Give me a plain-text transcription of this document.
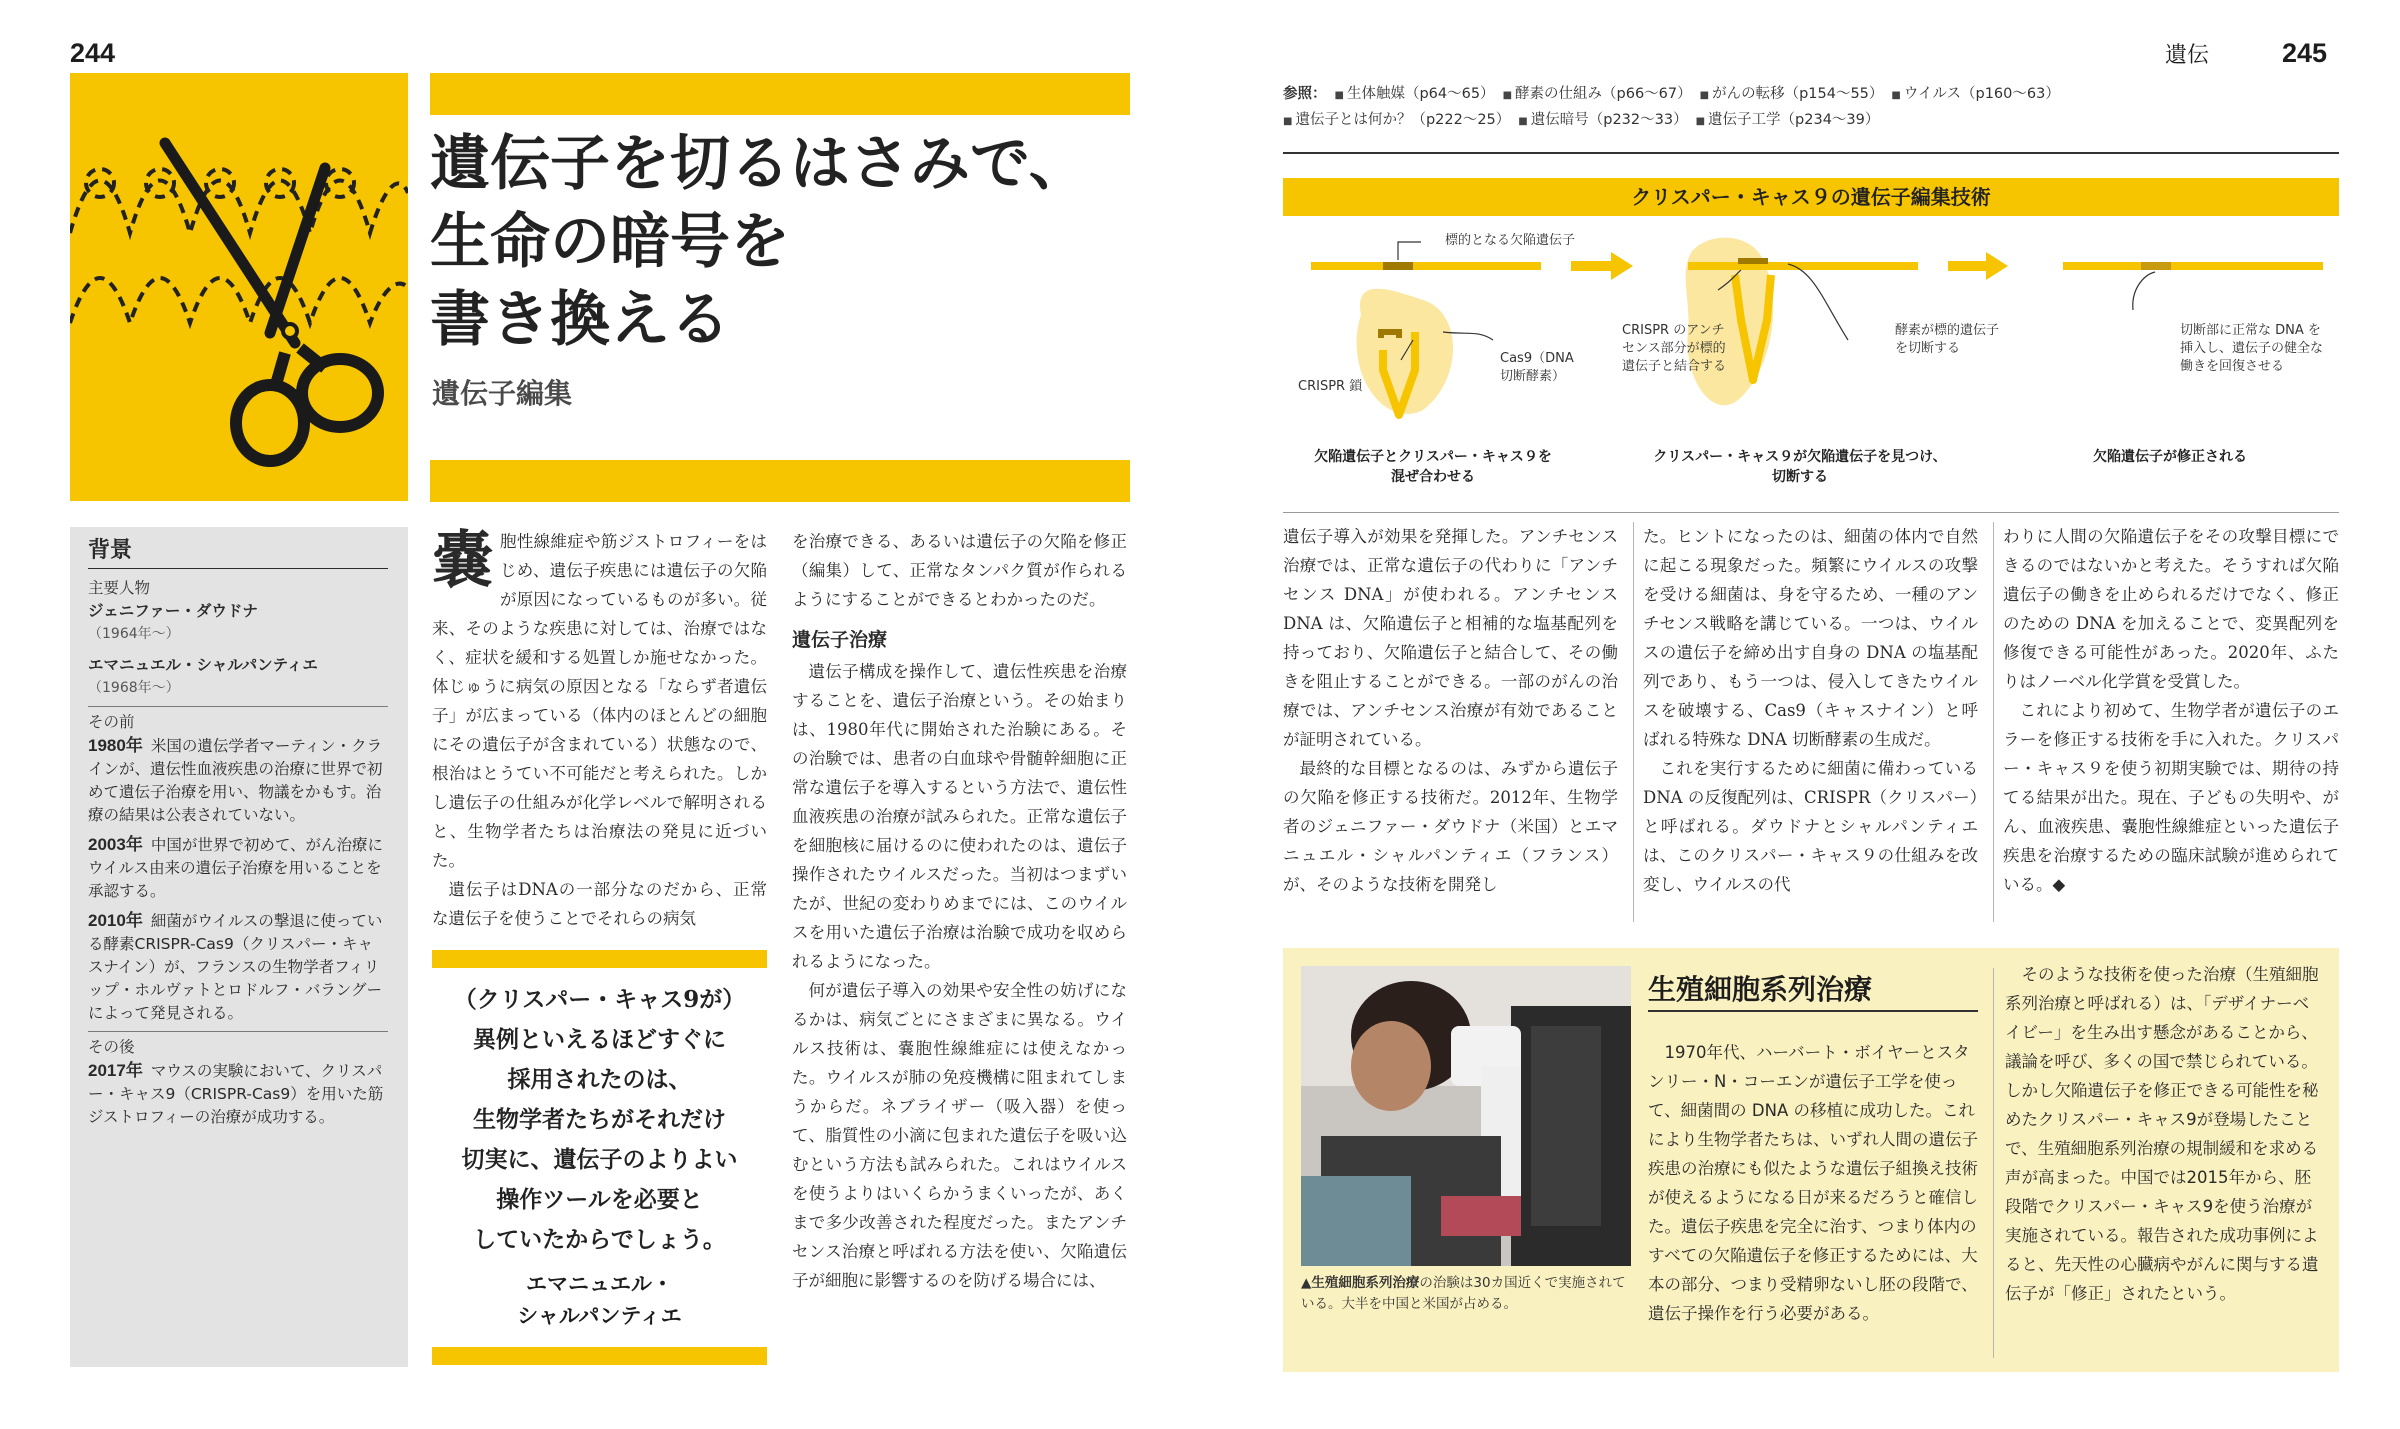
244
遺伝子を切るはさみで、
生命の暗号を
書き換える
遺伝子編集
背景
主要人物
ジェニファー・ダウドナ
（1964年〜）
エマニュエル・シャルパンティエ
（1968年〜）
その前
1980年 米国の遺伝学者マーティン・クラインが、遺伝性血液疾患の治療に世界で初めて遺伝子治療を用い、物議をかもす。治療の結果は公表されていない。
2003年 中国が世界で初めて、がん治療にウイルス由来の遺伝子治療を用いることを承認する。
2010年 細菌がウイルスの撃退に使っている酵素CRISPR-Cas9（クリスパー・キャスナイン）が、フランスの生物学者フィリップ・ホルヴァトとロドルフ・バラングーによって発見される。
その後
2017年 マウスの実験において、クリスパー・キャス9（CRISPR-Cas9）を用いた筋ジストロフィーの治療が成功する。
嚢 胞性線維症や筋ジストロフィーをはじめ、遺伝子疾患には遺伝子の欠陥が原因になっているものが多い。従来、そのような疾患に対しては、治療ではなく、症状を緩和する処置しか施せなかった。体じゅうに病気の原因となる「ならず者遺伝子」が広まっている（体内のほとんどの細胞にその遺伝子が含まれている）状態なので、根治はとうてい不可能だと考えられた。しかし遺伝子の仕組みが化学レベルで解明されると、生物学者たちは治療法の発見に近づいた。

遺伝子はDNAの一部分なのだから、正常な遺伝子を使うことでそれらの病気

（クリスパー・キャス9が）
異例といえるほどすぐに
採用されたのは、
生物学者たちがそれだけ
切実に、遺伝子のよりよい
操作ツールを必要と
していたからでしょう。
エマニュエル・
シャルパンティエ

を治療できる、あるいは遺伝子の欠陥を修正（編集）して、正常なタンパク質が作られるようにすることができるとわかったのだ。

遺伝子治療

遺伝子構成を操作して、遺伝性疾患を治療することを、遺伝子治療という。その始まりは、1980年代に開始された治験にある。その治験では、患者の白血球や骨髄幹細胞に正常な遺伝子を導入するという方法で、遺伝性血液疾患の治療が試みられた。正常な遺伝子を細胞核に届けるのに使われたのは、遺伝子操作されたウイルスだった。当初はつまずいたが、世紀の変わりめまでには、このウイルスを用いた遺伝子治療は治験で成功を収められるようになった。

何が遺伝子導入の効果や安全性の妨げになるかは、病気ごとにさまざまに異なる。ウイルス技術は、嚢胞性線維症には使えなかった。ウイルスが肺の免疫機構に阻まれてしまうからだ。ネブライザー（吸入器）を使って、脂質性の小滴に包まれた遺伝子を吸い込むという方法も試みられた。これはウイルスを使うよりはいくらかうまくいったが、あくまで多少改善された程度だった。またアンチセンス治療と呼ばれる方法を使い、欠陥遺伝子が細胞に影響するのを防げる場合には、

遺伝	245
参照： ■ 生体触媒（p64〜65） ■ 酵素の仕組み（p66〜67） ■ がんの転移（p154〜55） ■ ウイルス（p160〜63）
■ 遺伝子とは何か？（p222〜25） ■ 遺伝暗号（p232〜33） ■ 遺伝子工学（p234〜39）
クリスパー・キャス９の遺伝子編集技術
標的となる欠陥遺伝子
CRISPR 鎖
Cas9（DNA
切断酵素）
CRISPR のアンチセンス部分が標的遺伝子と結合する
酵素が標的遺伝子を切断する
切断部に正常な DNA を挿入し、遺伝子の健全な働きを回復させる
欠陥遺伝子とクリスパー・キャス９を
混ぜ合わせる
クリスパー・キャス９が欠陥遺伝子を見つけ、
切断する
欠陥遺伝子が修正される

遺伝子導入が効果を発揮した。アンチセンス治療では、正常な遺伝子の代わりに「アンチセンス DNA」が使われる。アンチセンス DNA は、欠陥遺伝子と相補的な塩基配列を持っており、欠陥遺伝子と結合して、その働きを阻止することができる。一部のがんの治療では、アンチセンス治療が有効であることが証明されている。

最終的な目標となるのは、みずから遺伝子の欠陥を修正する技術だ。2012年、生物学者のジェニファー・ダウドナ（米国）とエマニュエル・シャルパンティエ（フランス）が、そのような技術を開発し

た。ヒントになったのは、細菌の体内で自然に起こる現象だった。頻繁にウイルスの攻撃を受ける細菌は、身を守るため、一種のアンチセンス戦略を講じている。一つは、ウイルスの遺伝子を締め出す自身の DNA の塩基配列であり、もう一つは、侵入してきたウイルスを破壊する、Cas9（キャスナイン）と呼ばれる特殊な DNA 切断酵素の生成だ。

これを実行するために細菌に備わっている DNA の反復配列は、CRISPR（クリスパー）と呼ばれる。ダウドナとシャルパンティエは、このクリスパー・キャス９の仕組みを改変し、ウイルスの代

わりに人間の欠陥遺伝子をその攻撃目標にできるのではないかと考えた。そうすれば欠陥遺伝子の働きを止められるだけでなく、修正のための DNA を加えることで、変異配列を修復できる可能性があった。2020年、ふたりはノーベル化学賞を受賞した。

これにより初めて、生物学者が遺伝子のエラーを修正する技術を手に入れた。クリスパー・キャス９を使う初期実験では、期待の持てる結果が出た。現在、子どもの失明や、がん、血液疾患、嚢胞性線維症といった遺伝子疾患を治療するための臨床試験が進められている。◆

▲生殖細胞系列治療の治験は30カ国近くで実施されている。大半を中国と米国が占める。
生殖細胞系列治療
1970年代、ハーバート・ボイヤーとスタンリー・N・コーエンが遺伝子工学を使って、細菌間の DNA の移植に成功した。これにより生物学者たちは、いずれ人間の遺伝子疾患の治療にも似たような遺伝子組換え技術が使えるようになる日が来るだろうと確信した。遺伝子疾患を完全に治す、つまり体内のすべての欠陥遺伝子を修正するためには、大本の部分、つまり受精卵ないし胚の段階で、遺伝子操作を行う必要がある。
そのような技術を使った治療（生殖細胞系列治療と呼ばれる）は、「デザイナーベイビー」を生み出す懸念があることから、議論を呼び、多くの国で禁じられている。しかし欠陥遺伝子を修正できる可能性を秘めたクリスパー・キャス9が登場したことで、生殖細胞系列治療の規制緩和を求める声が高まった。中国では2015年から、胚段階でクリスパー・キャス9を使う治療が実施されている。報告された成功事例によると、先天性の心臓病やがんに関与する遺伝子が「修正」されたという。
